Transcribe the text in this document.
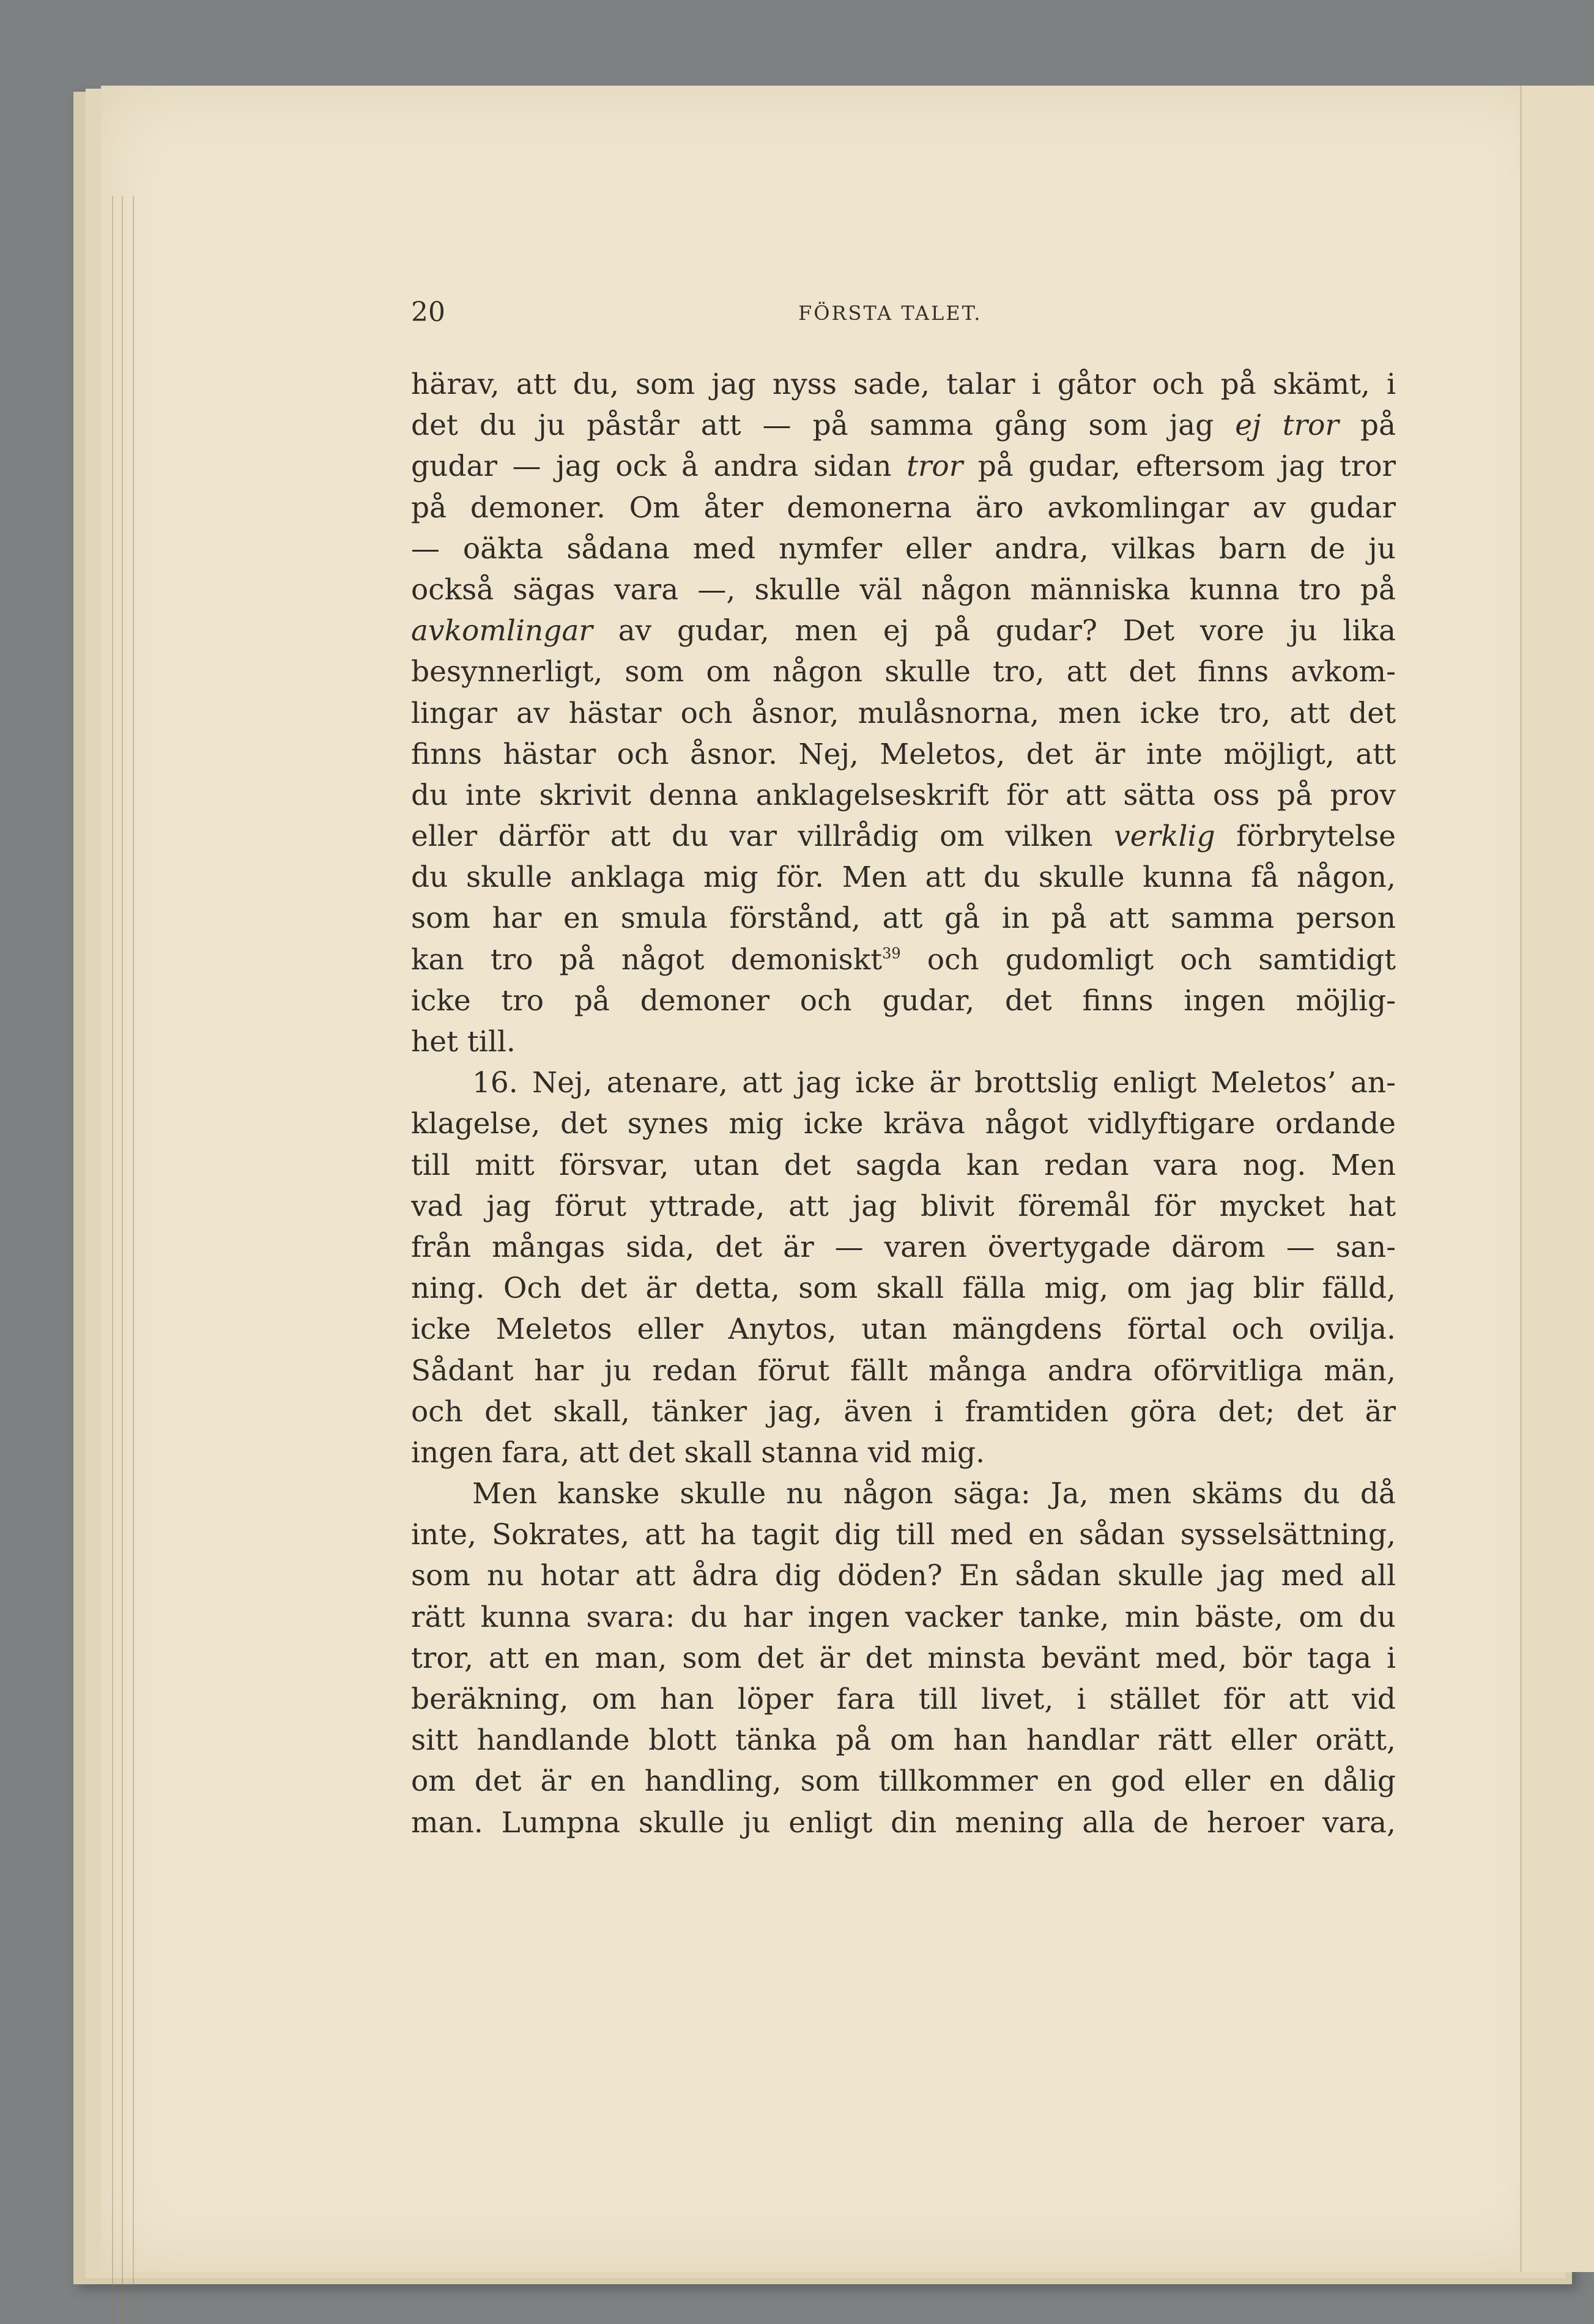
20	FÖRSTA TALET.
härav, att du, som jag nyss sade, talar i gåtor och på skämt, i
det du ju påstår att — på samma gång som jag ej tror på
gudar — jag ock å andra sidan tror på gudar, eftersom jag tror
på demoner. Om åter demonerna äro avkomlingar av gudar
— oäkta sådana med nymfer eller andra, vilkas barn de ju
också sägas vara —, skulle väl någon människa kunna tro på
avkomlingar av gudar, men ej på gudar? Det vore ju lika
besynnerligt, som om någon skulle tro, att det finns avkom-
lingar av hästar och åsnor, mulåsnorna, men icke tro, att det
finns hästar och åsnor. Nej, Meletos, det är inte möjligt, att
du inte skrivit denna anklagelseskrift för att sätta oss på prov
eller därför att du var villrådig om vilken verklig förbrytelse
du skulle anklaga mig för. Men att du skulle kunna få någon,
som har en smula förstånd, att gå in på att samma person
kan tro på något demoniskt$^{39}$ och gudomligt och samtidigt
icke tro på demoner och gudar, det finns ingen möjlig-
het till.
16. Nej, atenare, att jag icke är brottslig enligt Meletos’ an-
klagelse, det synes mig icke kräva något vidlyftigare ordande
till mitt försvar, utan det sagda kan redan vara nog. Men
vad jag förut yttrade, att jag blivit föremål för mycket hat
från mångas sida, det är — varen övertygade därom — san-
ning. Och det är detta, som skall fälla mig, om jag blir fälld,
icke Meletos eller Anytos, utan mängdens förtal och ovilja.
Sådant har ju redan förut fällt många andra oförvitliga män,
och det skall, tänker jag, även i framtiden göra det; det är
ingen fara, att det skall stanna vid mig.
Men kanske skulle nu någon säga: Ja, men skäms du då
inte, Sokrates, att ha tagit dig till med en sådan sysselsättning,
som nu hotar att ådra dig döden? En sådan skulle jag med all
rätt kunna svara: du har ingen vacker tanke, min bäste, om du
tror, att en man, som det är det minsta bevänt med, bör taga i
beräkning, om han löper fara till livet, i stället för att vid
sitt handlande blott tänka på om han handlar rätt eller orätt,
om det är en handling, som tillkommer en god eller en dålig
man. Lumpna skulle ju enligt din mening alla de heroer vara,
